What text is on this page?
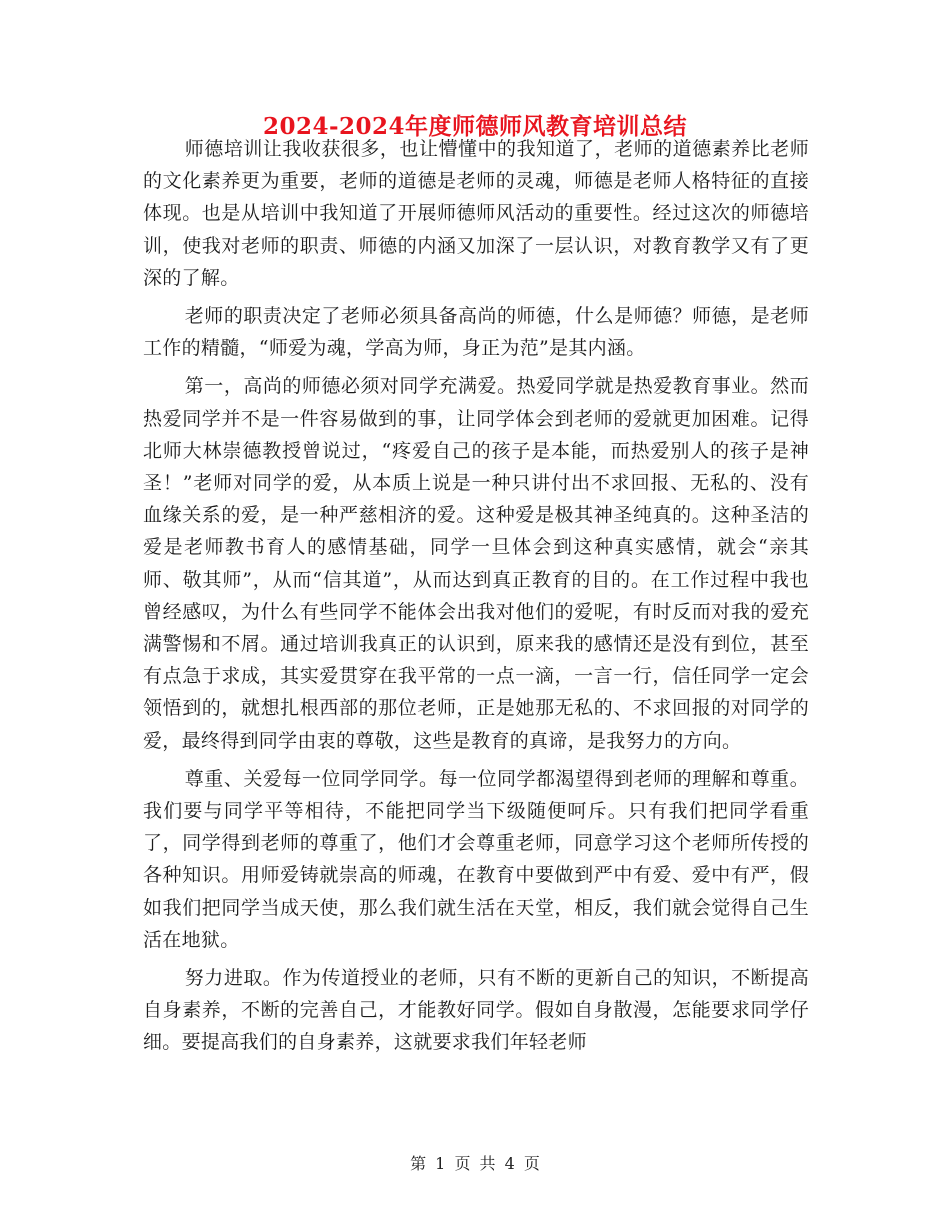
2024-2024年度师德师风教育培训总结

师德培训让我收获很多，也让懵懂中的我知道了，老师的道德素养比老师的文化素养更为重要，老师的道德是老师的灵魂，师德是老师人格特征的直接体现。也是从培训中我知道了开展师德师风活动的重要性。经过这次的师德培训，使我对老师的职责、师德的内涵又加深了一层认识，对教育教学又有了更深的了解。

老师的职责决定了老师必须具备高尚的师德，什么是师德？师德，是老师工作的精髓，“师爱为魂，学高为师，身正为范”是其内涵。

第一，高尚的师德必须对同学充满爱。热爱同学就是热爱教育事业。然而热爱同学并不是一件容易做到的事，让同学体会到老师的爱就更加困难。记得北师大林崇德教授曾说过，“疼爱自己的孩子是本能，而热爱别人的孩子是神圣！”老师对同学的爱，从本质上说是一种只讲付出不求回报、无私的、没有血缘关系的爱，是一种严慈相济的爱。这种爱是极其神圣纯真的。这种圣洁的爱是老师教书育人的感情基础，同学一旦体会到这种真实感情，就会“亲其师、敬其师”，从而“信其道”，从而达到真正教育的目的。在工作过程中我也曾经感叹，为什么有些同学不能体会出我对他们的爱呢，有时反而对我的爱充满警惕和不屑。通过培训我真正的认识到，原来我的感情还是没有到位，甚至有点急于求成，其实爱贯穿在我平常的一点一滴，一言一行，信任同学一定会领悟到的，就想扎根西部的那位老师，正是她那无私的、不求回报的对同学的爱，最终得到同学由衷的尊敬，这些是教育的真谛，是我努力的方向。

尊重、关爱每一位同学同学。每一位同学都渴望得到老师的理解和尊重。我们要与同学平等相待，不能把同学当下级随便呵斥。只有我们把同学看重了，同学得到老师的尊重了，他们才会尊重老师，同意学习这个老师所传授的各种知识。用师爱铸就崇高的师魂，在教育中要做到严中有爱、爱中有严，假如我们把同学当成天使，那么我们就生活在天堂，相反，我们就会觉得自己生活在地狱。

努力进取。作为传道授业的老师，只有不断的更新自己的知识，不断提高自身素养，不断的完善自己，才能教好同学。假如自身散漫，怎能要求同学仔细。要提高我们的自身素养，这就要求我们年轻老师

第 1 页 共 4 页
